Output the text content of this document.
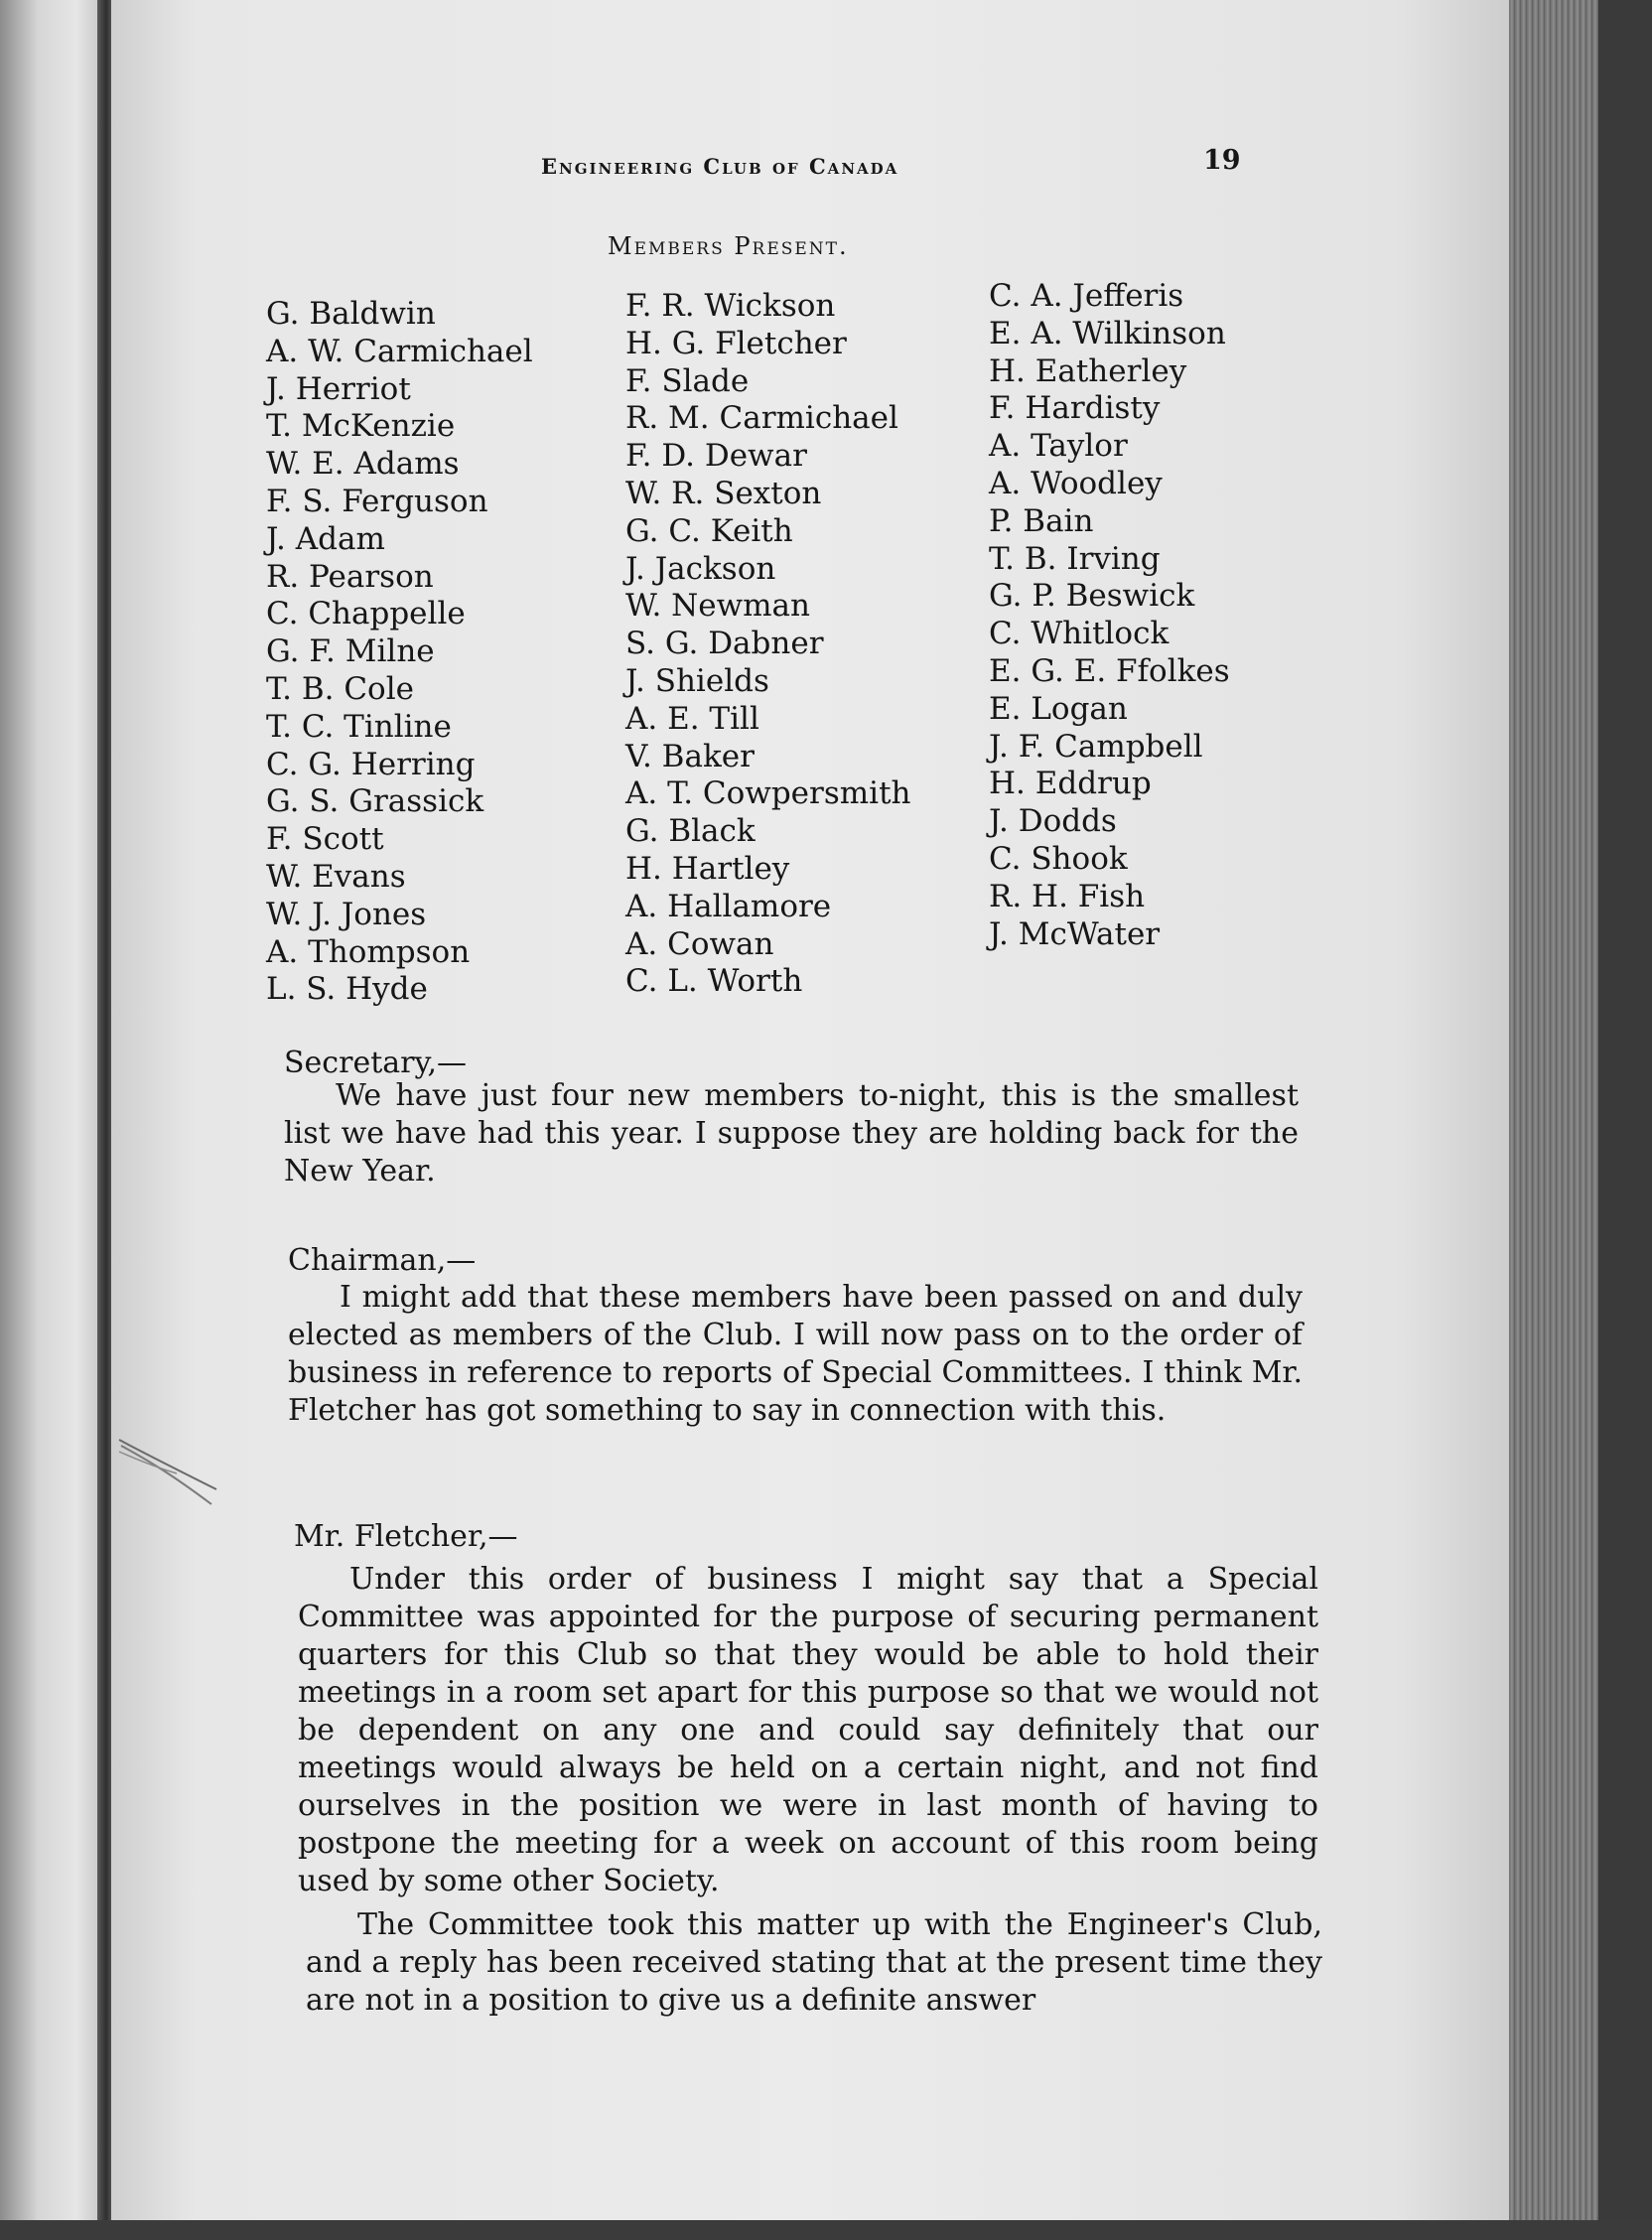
Engineering Club of Canada	19
Members Present.
G. Baldwin
A. W. Carmichael
J. Herriot
T. McKenzie
W. E. Adams
F. S. Ferguson
J. Adam
R. Pearson
C. Chappelle
G. F. Milne
T. B. Cole
T. C. Tinline
C. G. Herring
G. S. Grassick
F. Scott
W. Evans
W. J. Jones
A. Thompson
L. S. Hyde
F. R. Wickson
H. G. Fletcher
F. Slade
R. M. Carmichael
F. D. Dewar
W. R. Sexton
G. C. Keith
J. Jackson
W. Newman
S. G. Dabner
J. Shields
A. E. Till
V. Baker
A. T. Cowpersmith
G. Black
H. Hartley
A. Hallamore
A. Cowan
C. L. Worth
C. A. Jefferis
E. A. Wilkinson
H. Eatherley
F. Hardisty
A. Taylor
A. Woodley
P. Bain
T. B. Irving
G. P. Beswick
C. Whitlock
E. G. E. Ffolkes
E. Logan
J. F. Campbell
H. Eddrup
J. Dodds
C. Shook
R. H. Fish
J. McWater
Secretary,—

We have just four new members to-night, this is the smallest list we have had this year. I suppose they are holding back for the New Year.

Chairman,—

I might add that these members have been passed on and duly elected as members of the Club. I will now pass on to the order of business in reference to reports of Special Committees. I think Mr. Fletcher has got something to say in connection with this.

Mr. Fletcher,—

Under this order of business I might say that a Special Committee was appointed for the purpose of securing permanent quarters for this Club so that they would be able to hold their meetings in a room set apart for this purpose so that we would not be dependent on any one and could say definitely that our meetings would always be held on a certain night, and not find ourselves in the position we were in last month of having to postpone the meeting for a week on account of this room being used by some other Society.

The Committee took this matter up with the Engineer's Club, and a reply has been received stating that at the present time they are not in a position to give us a definite answer
